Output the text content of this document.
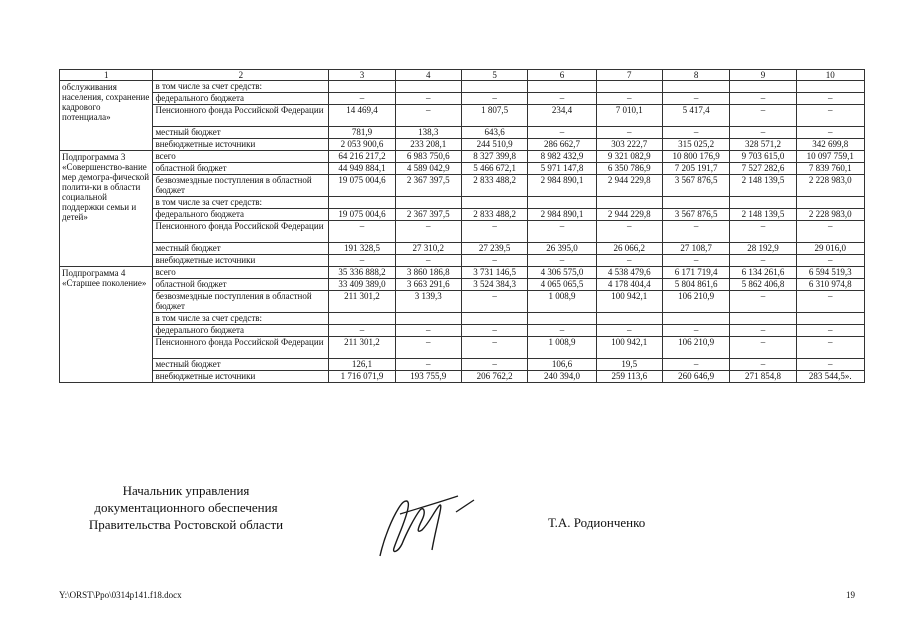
1	2	3	4	5	6	7	8	9	10
обслуживания населения, сохранение кадрового потенциала»	в том числе за счет средств:								
	федерального бюджета	–	–	–	–	–	–	–	–
	Пенсионного фонда Российской Федерации	14 469,4	–	1 807,5	234,4	7 010,1	5 417,4	–	–
	местный бюджет	781,9	138,3	643,6	–	–	–	–	–
	внебюджетные источники	2 053 900,6	233 208,1	244 510,9	286 662,7	303 222,7	315 025,2	328 571,2	342 699,8
Подпрограмма 3 «Совершенство-вание мер демогра-фической полити-ки в области социальной поддержки семьи и детей»	всего	64 216 217,2	6 983 750,6	8 327 399,8	8 982 432,9	9 321 082,9	10 800 176,9	9 703 615,0	10 097 759,1
	областной бюджет	44 949 884,1	4 589 042,9	5 466 672,1	5 971 147,8	6 350 786,9	7 205 191,7	7 527 282,6	7 839 760,1
	безвозмездные поступления в областной бюджет	19 075 004,6	2 367 397,5	2 833 488,2	2 984 890,1	2 944 229,8	3 567 876,5	2 148 139,5	2 228 983,0
	в том числе за счет средств:								
	федерального бюджета	19 075 004,6	2 367 397,5	2 833 488,2	2 984 890,1	2 944 229,8	3 567 876,5	2 148 139,5	2 228 983,0
	Пенсионного фонда Российской Федерации	–	–	–	–	–	–	–	–
	местный бюджет	191 328,5	27 310,2	27 239,5	26 395,0	26 066,2	27 108,7	28 192,9	29 016,0
	внебюджетные источники	–	–	–	–	–	–	–	–
Подпрограмма 4 «Старшее поколение»	всего	35 336 888,2	3 860 186,8	3 731 146,5	4 306 575,0	4 538 479,6	6 171 719,4	6 134 261,6	6 594 519,3
	областной бюджет	33 409 389,0	3 663 291,6	3 524 384,3	4 065 065,5	4 178 404,4	5 804 861,6	5 862 406,8	6 310 974,8
	безвозмездные поступления в областной бюджет	211 301,2	3 139,3	–	1 008,9	100 942,1	106 210,9	–	–
	в том числе за счет средств:								
	федерального бюджета	–	–	–	–	–	–	–	–
	Пенсионного фонда Российской Федерации	211 301,2	–	–	1 008,9	100 942,1	106 210,9	–	–
	местный бюджет	126,1	–	–	106,6	19,5	–	–	–
	внебюджетные источники	1 716 071,9	193 755,9	206 762,2	240 394,0	259 113,6	260 646,9	271 854,8	283 544,5».
Начальник управления
документационного обеспечения
Правительства Ростовской области	Т.А. Родионченко
Y:\ORST\Ppo\0314p141.f18.docx	19
